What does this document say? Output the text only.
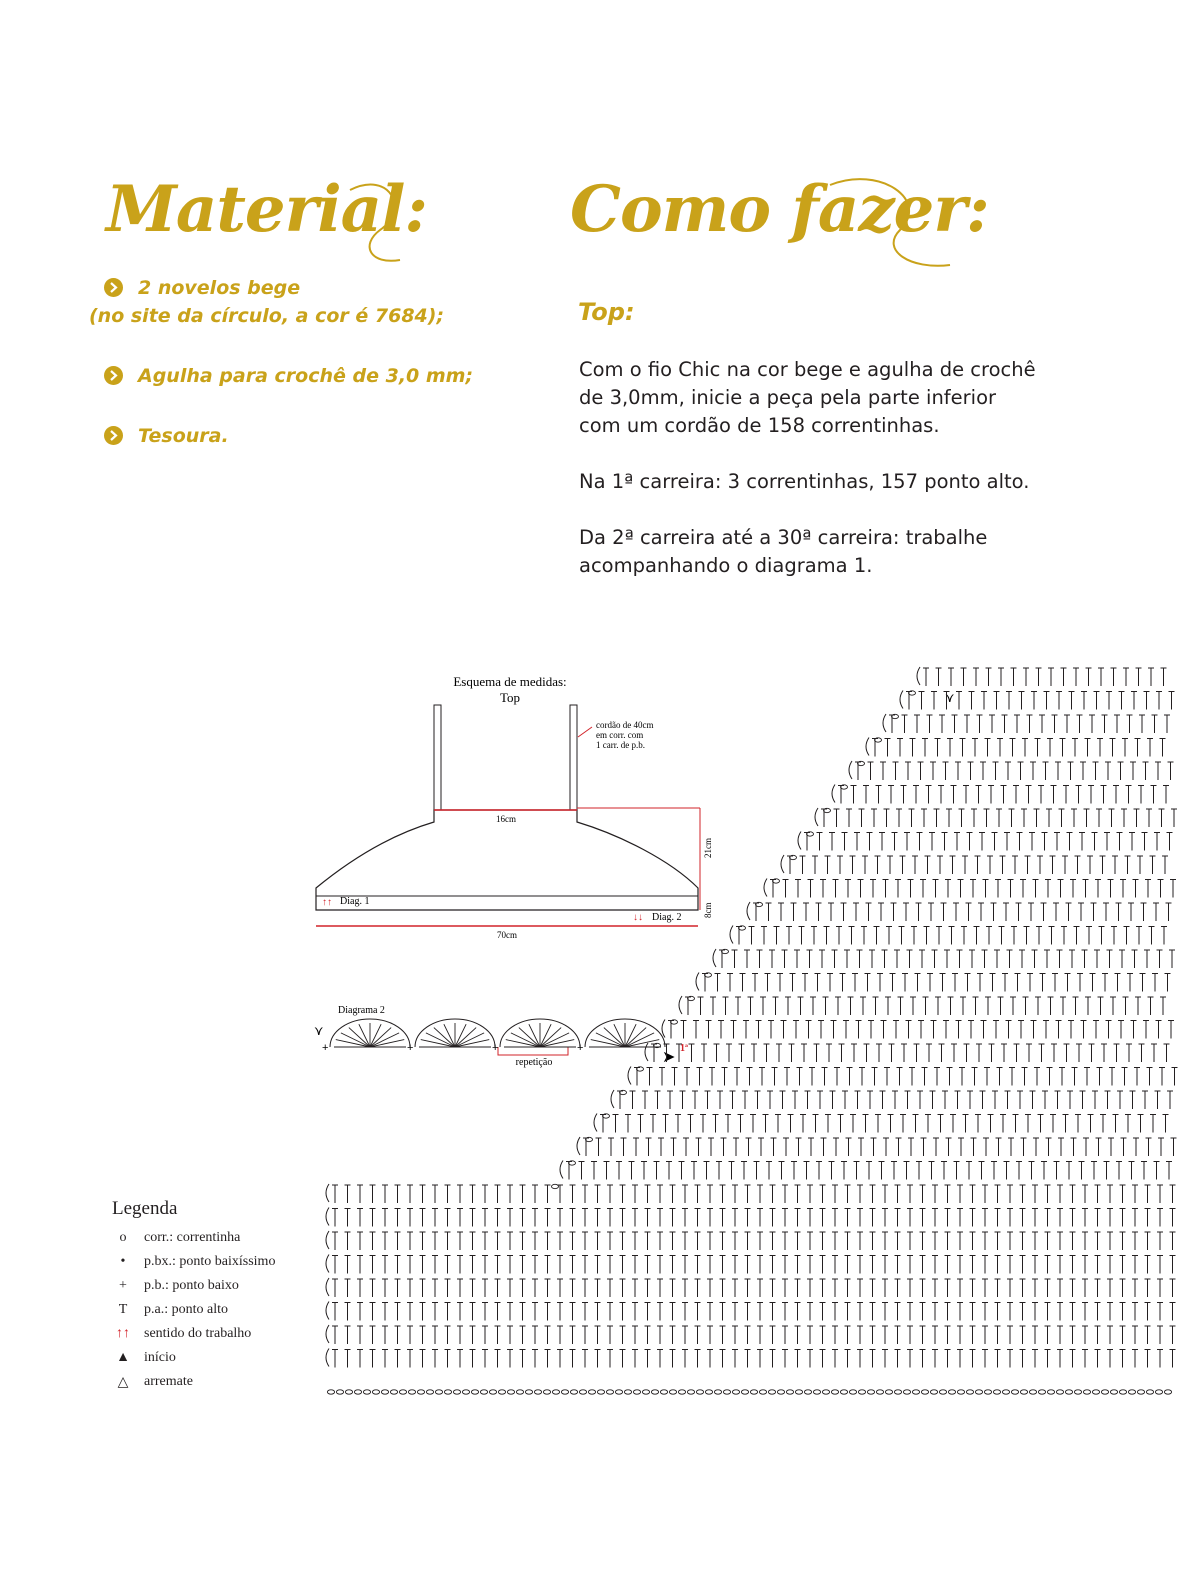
Material: Como fazer:
2 novelos bege
(no site da círculo, a cor é 7684);
Agulha para crochê de 3,0 mm;
Tesoura.
Top:

Com o fio Chic na cor bege e agulha de crochê de 3,0mm, inicie a peça pela parte inferior com um cordão de 158 correntinhas.

Na 1ª carreira: 3 correntinhas, 157 ponto alto.

Da 2ª carreira até a 30ª carreira: trabalhe acompanhando o diagrama 1.

Esquema de medidas:
Top
cordão de 40cm
em corr. com
1 carr. de p.b.
16cm
21cm
8cm
70cm
↑↑ Diag. 1
↓↓ Diag. 2
Diagrama 2
repetição
1ª
➤
⋎
+	+	+	+
⋎
Legenda
o	corr.: correntinha
•	p.bx.: ponto baixíssimo
+	p.b.: ponto baixo
T	p.a.: ponto alto
↑↑ sentido do trabalho
▲ início
△	arremate
